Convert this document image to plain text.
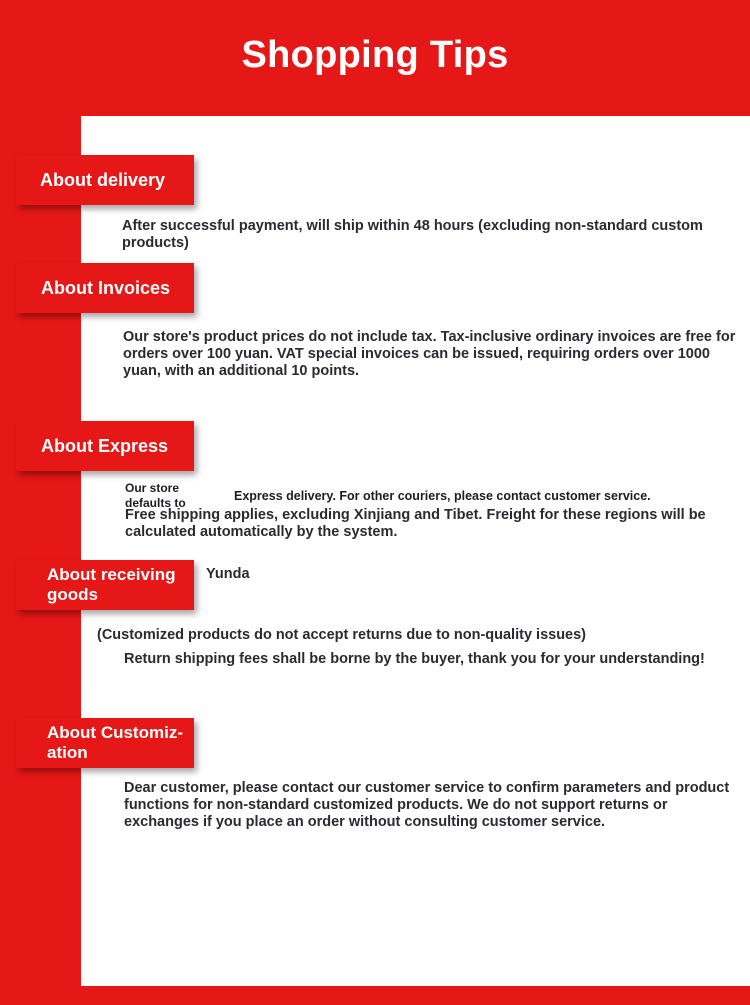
Shopping Tips
About delivery
After successful payment, will ship within 48 hours (excluding non-standard custom products)
About Invoices
Our store's product prices do not include tax. Tax-inclusive ordinary invoices are free for orders over 100 yuan. VAT special invoices can be issued, requiring orders over 1000 yuan, with an additional 10 points.
About Express
Our store defaults to	Express delivery. For other couriers, please contact customer service.
Free shipping applies, excluding Xinjiang and Tibet. Freight for these regions will be calculated automatically by the system.
About receiving goods
Yunda
(Customized products do not accept returns due to non-quality issues)
Return shipping fees shall be borne by the buyer, thank you for your understanding!
About Customiz-ation
Dear customer, please contact our customer service to confirm parameters and product functions for non-standard customized products. We do not support returns or exchanges if you place an order without consulting customer service.
